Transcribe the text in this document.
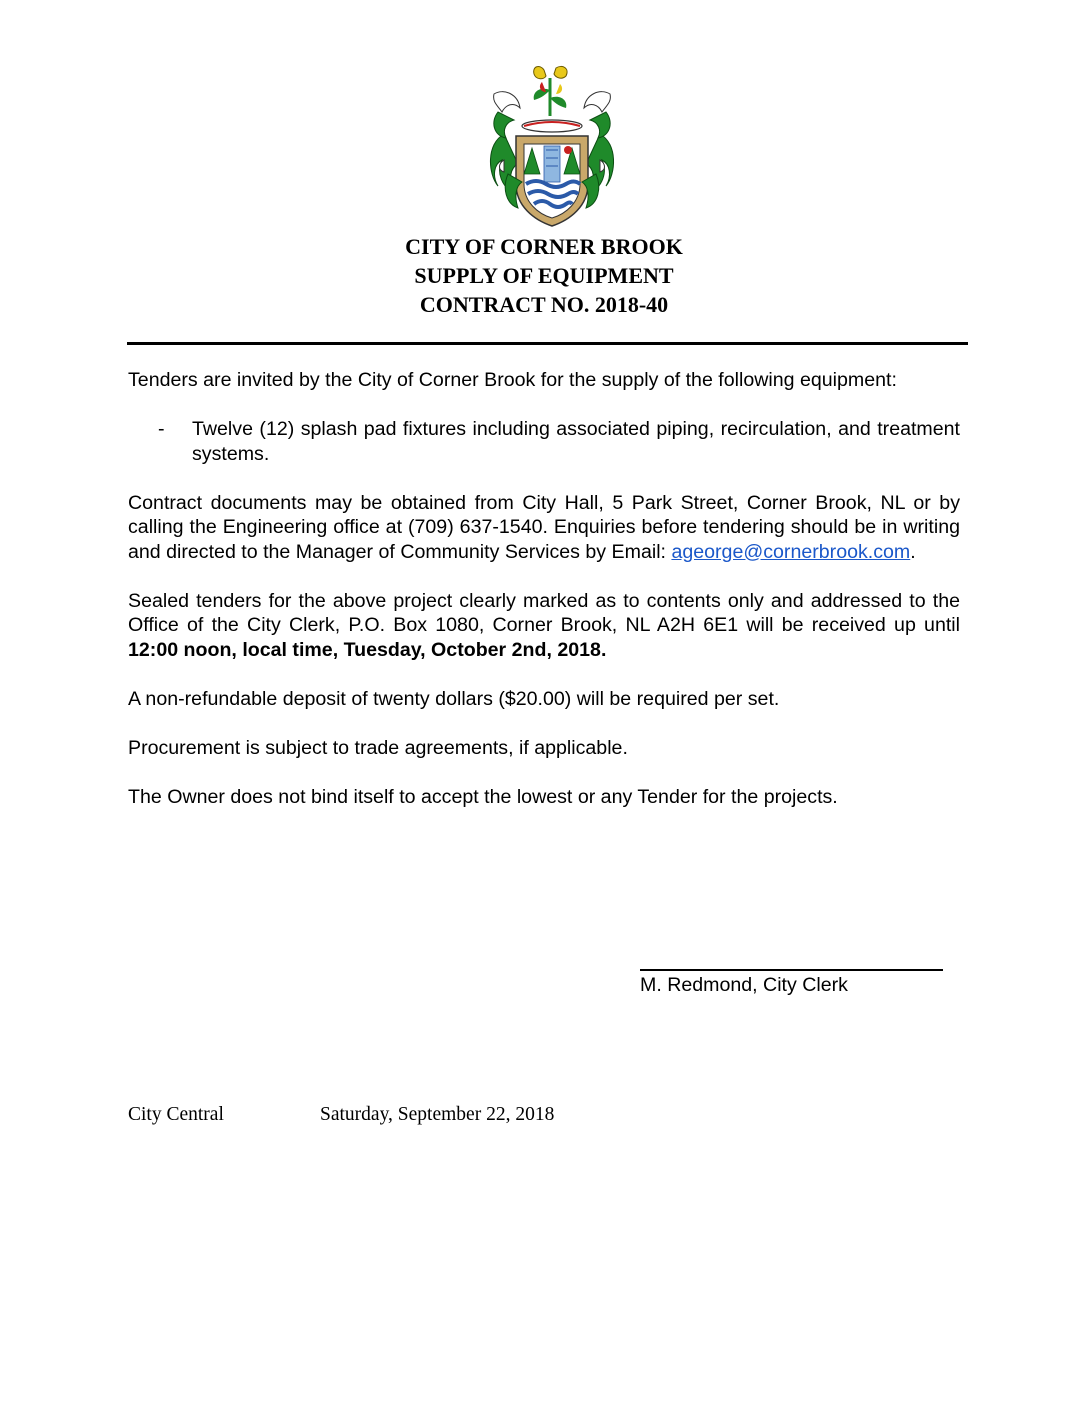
CITY OF CORNER BROOK
SUPPLY OF EQUIPMENT
CONTRACT NO. 2018-40

Tenders are invited by the City of Corner Brook for the supply of the following equipment:

-	Twelve (12) splash pad fixtures including associated piping, recirculation, and treatment systems.

Contract documents may be obtained from City Hall, 5 Park Street, Corner Brook, NL or by calling the Engineering office at (709) 637-1540. Enquiries before tendering should be in writing and directed to the Manager of Community Services by Email: ageorge@cornerbrook.com.

Sealed tenders for the above project clearly marked as to contents only and addressed to the Office of the City Clerk, P.O. Box 1080, Corner Brook, NL A2H 6E1 will be received up until 12:00 noon, local time, Tuesday, October 2nd, 2018.

A non-refundable deposit of twenty dollars ($20.00) will be required per set.

Procurement is subject to trade agreements, if applicable.

The Owner does not bind itself to accept the lowest or any Tender for the projects.

M. Redmond, City Clerk
City Central	Saturday, September 22, 2018
